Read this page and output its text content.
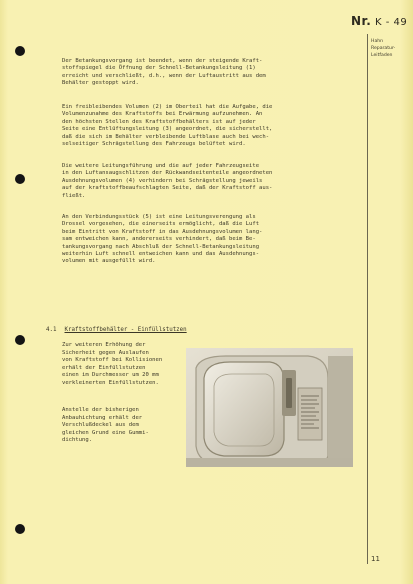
Nr. K - 49
Hahn
Reparatur-
Leitfaden

Der Betankungsvorgang ist beendet, wenn der steigende Kraft-

stoffspiegel die Öffnung der Schnell-Betankungsleitung (1)

erreicht und verschließt, d.h., wenn der Luftaustritt aus dem

Behälter gestoppt wird.

Ein freibleibendes Volumen (2) im Oberteil hat die Aufgabe, die

Volumenzunahme des Kraftstoffs bei Erwärmung aufzunehmen. An

den höchsten Stellen des Kraftstoffbehälters ist auf jeder

Seite eine Entlüftungsleitung (3) angeordnet, die sicherstellt,

daß die sich im Behälter verbleibende Luftblase auch bei wech-

selseitiger Schrägstellung des Fahrzeugs belüftet wird.

Die weitere Leitungsführung und die auf jeder Fahrzeugseite

in den Luftansaugschlitzen der Rückwandseitenteile angeordneten

Ausdehnungsvolumen (4) verhindern bei Schrägstellung jeweils

auf der kraftstoffbeaufschlagten Seite, daß der Kraftstoff aus-

fließt.

An den Verbindungsstück (5) ist eine Leitungsverengung als

Drossel vorgesehen, die einerseits ermöglicht, daß die Luft

beim Eintritt von Kraftstoff in das Ausdehnungsvolumen lang-

sam entweichen kann, andererseits verhindert, daß beim Be-

tankungsvorgang nach Abschluß der Schnell-Betankungsleitung

weiterhin Luft schnell entweichen kann und das Ausdehnungs-

volumen mit ausgefüllt wird.

4.1 Kraftstoffbehälter - Einfüllstutzen
Zur weiteren Erhöhung der
Sicherheit gegen Auslaufen
von Kraftstoff bei Kollisionen
erhält der Einfüllstutzen
einen im Durchmesser um 20 mm
verkleinerten Einfüllstutzen.
Anstelle der bisherigen
Anbauhichtung erhält der
Verschlußdeckel aus dem
gleichen Grund eine Gummi-
dichtung.
11
